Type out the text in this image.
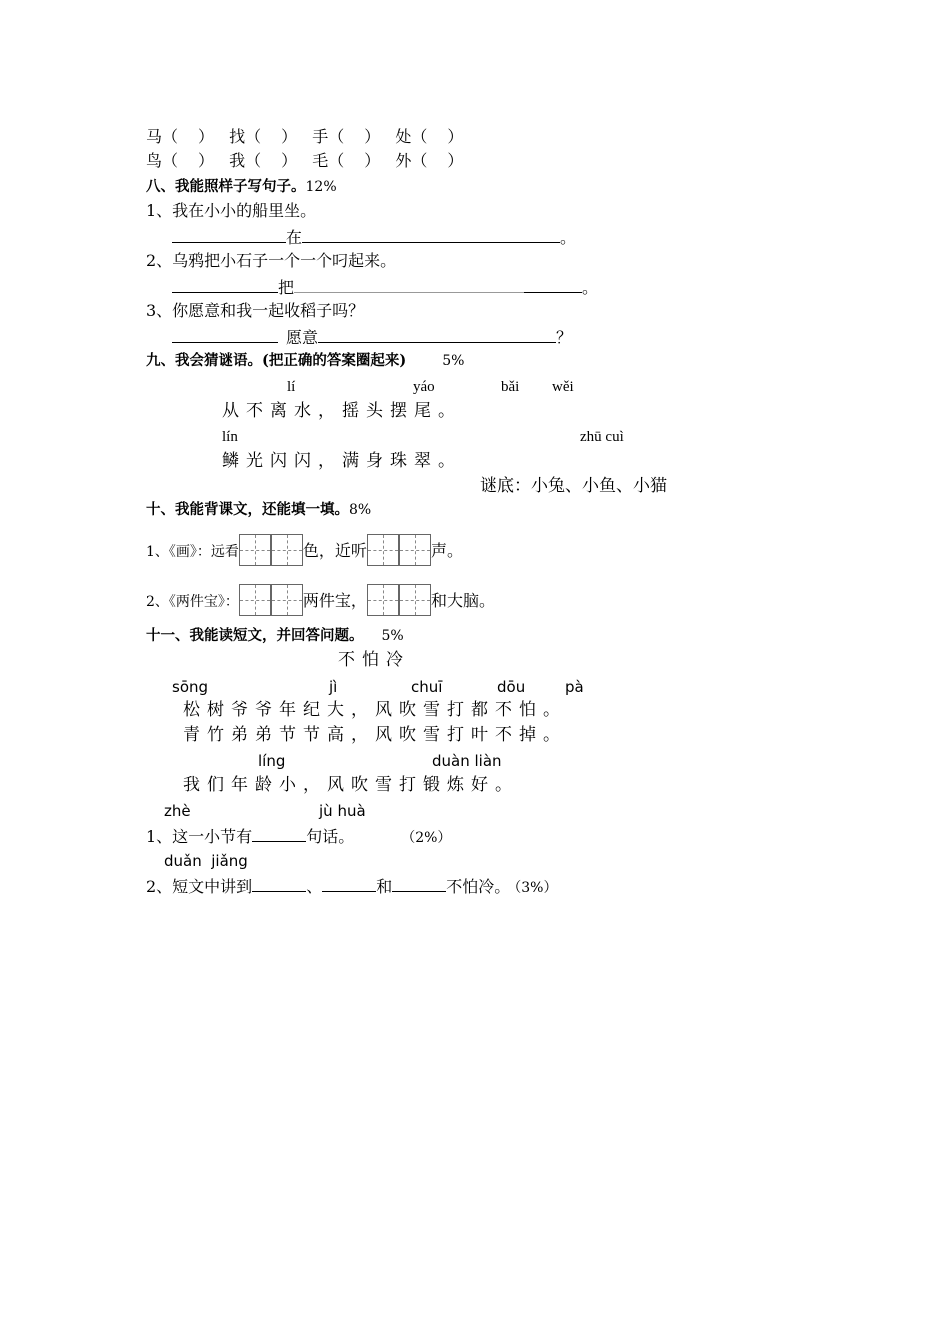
马（ ） 找（ ） 手（ ） 处（ ）
鸟（ ） 我（ ） 毛（ ） 外（ ）
八、我能照样子写句子。12%
1、我在小小的船里坐。
在	。
2、乌鸦把小石子一个一个叼起来。
把	。
3、你愿意和我一起收稻子吗？
愿意	？
九、我会猜谜语。(把正确的答案圈起来)	5%
lí	yáo	bǎi wěi
从不离水，摇头摆尾。
lín	zhū cuì
鳞光闪闪，满身珠翠。
谜底：小兔、小鱼、小猫
十、我能背课文，还能填一填。8%
1、《画》：远看	色，近听	声。
2、《两件宝》：	两件宝，	和大脑。
十一、我能读短文，并回答问题。 5%
不怕冷
sōng	jì	chuī	dōu	pà
松树爷爷年纪大，风吹雪打都不怕。
青竹弟弟节节高，风吹雪打叶不掉。
líng	duàn liàn
我们年龄小，风吹雪打锻炼好。
zhè	jù huà
1、这一小节有	句话。	（2%）
duǎn  jiǎng
2、短文中讲到	、	和	不怕冷。 （3%）
